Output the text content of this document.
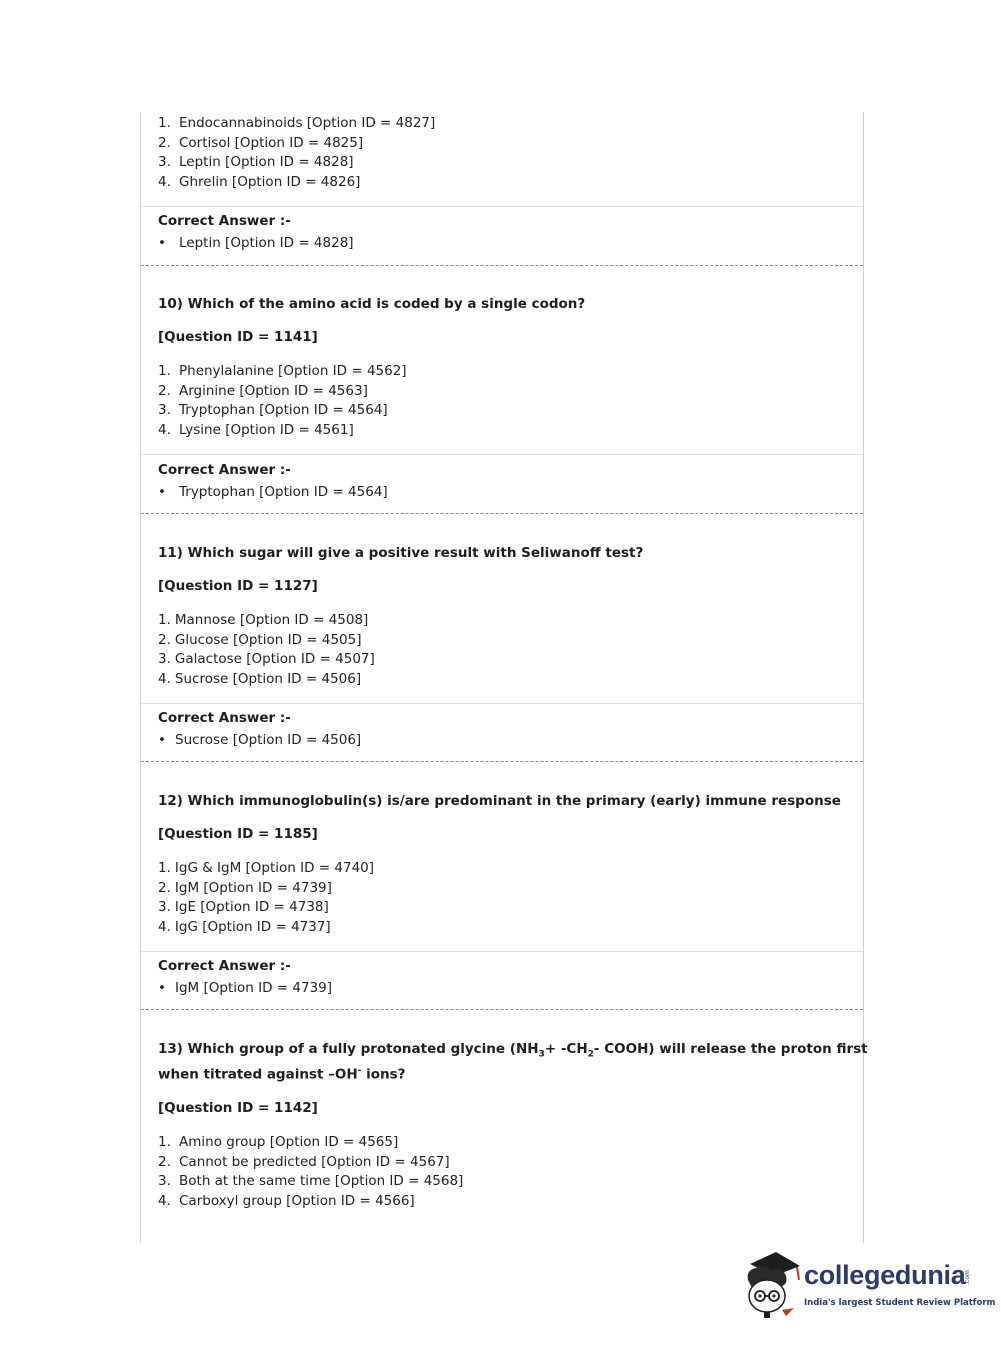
1. Endocannabinoids [Option ID = 4827]
2. Cortisol [Option ID = 4825]
3. Leptin [Option ID = 4828]
4. Ghrelin [Option ID = 4826]
Correct Answer :-
• Leptin [Option ID = 4828]
10) Which of the amino acid is coded by a single codon?
[Question ID = 1141]
1. Phenylalanine [Option ID = 4562]
2. Arginine [Option ID = 4563]
3. Tryptophan [Option ID = 4564]
4. Lysine [Option ID = 4561]
Correct Answer :-
• Tryptophan [Option ID = 4564]
11) Which sugar will give a positive result with Seliwanoff test?
[Question ID = 1127]
1. Mannose [Option ID = 4508]
2. Glucose [Option ID = 4505]
3. Galactose [Option ID = 4507]
4. Sucrose [Option ID = 4506]
Correct Answer :-
• Sucrose [Option ID = 4506]
12) Which immunoglobulin(s) is/are predominant in the primary (early) immune response
[Question ID = 1185]
1. IgG & IgM [Option ID = 4740]
2. IgM [Option ID = 4739]
3. IgE [Option ID = 4738]
4. IgG [Option ID = 4737]
Correct Answer :-
• IgM [Option ID = 4739]
13) Which group of a fully protonated glycine ($NH_3+ -CH_2-$ COOH) will release the proton first
when titrated against –OH- ions?
[Question ID = 1142]
1. Amino group [Option ID = 4565]
2. Cannot be predicted [Option ID = 4567]
3. Both at the same time [Option ID = 4568]
4. Carboxyl group [Option ID = 4566]
collegedunia
.com
India's largest Student Review Platform
